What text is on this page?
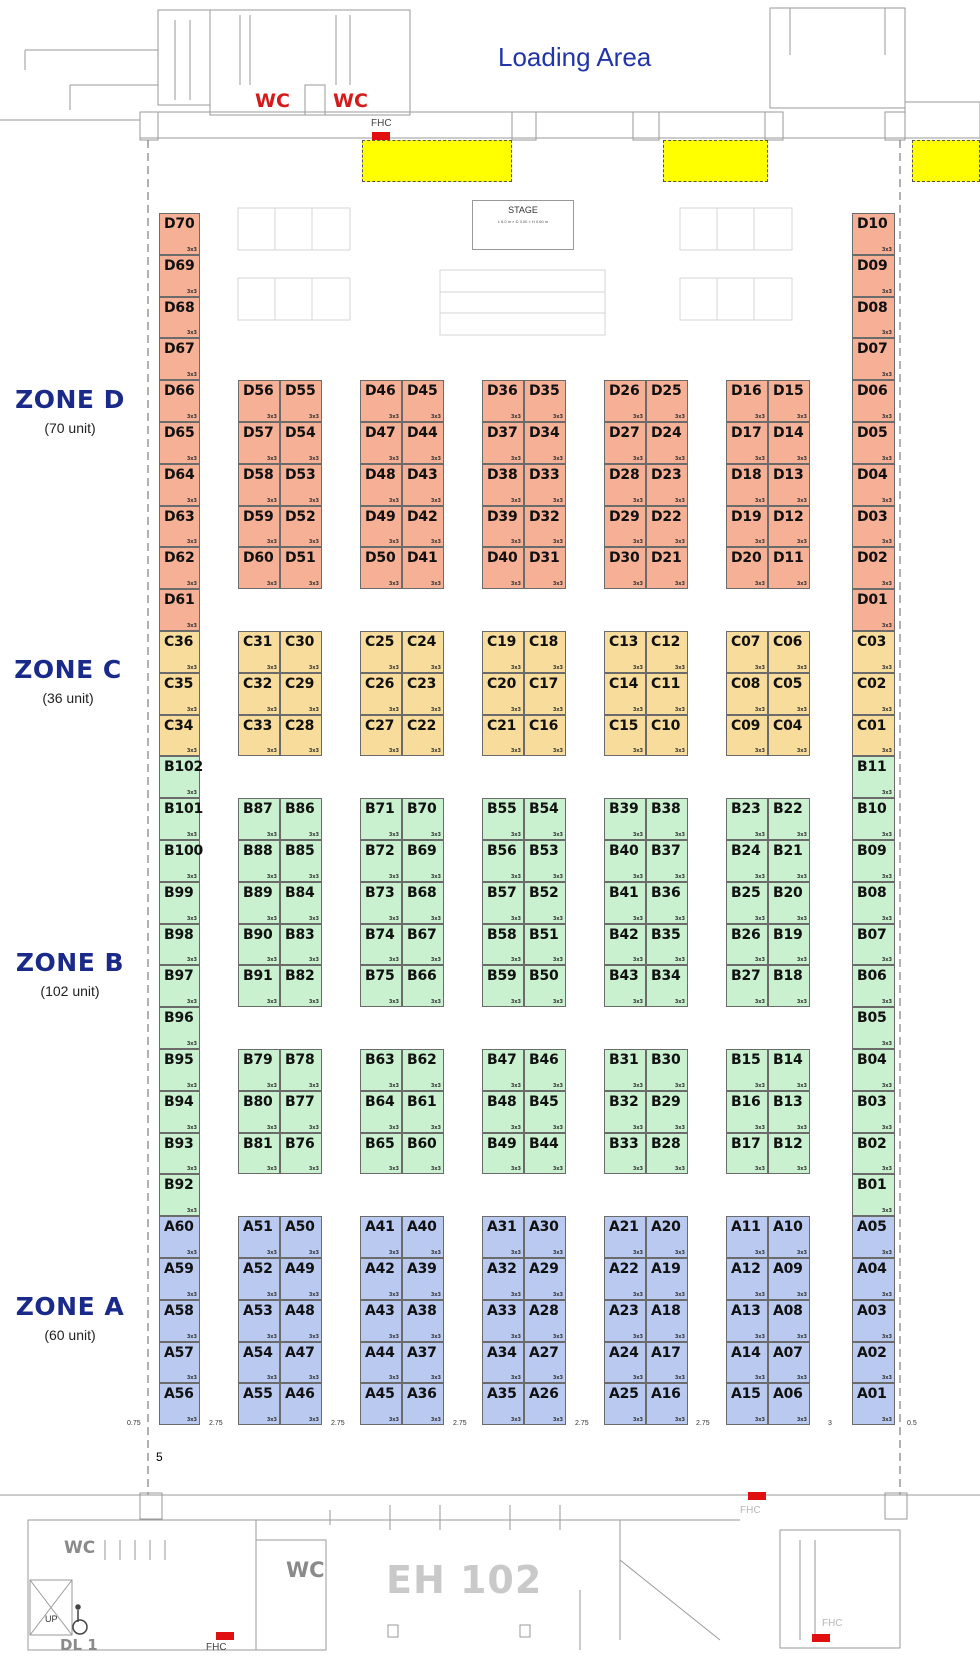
Loading Area
WC WC
FHC
STAGE
L 6.0 m × D 3.00 × H 0.60 m
ZONE D
(70 unit)
ZONE C
(36 unit)
ZONE B
(102 unit)
ZONE A
(60 unit)
0.75	2.75	2.75	2.75	2.75	2.75	3	0.5
5
EH 102
WC
WC
DL 1
UP
FHC
FHC
FHC
D70
3x3
D69
3x3
D68
3x3
D67
3x3
D66
3x3
D65
3x3
D64
3x3
D63
3x3
D62
3x3
D61
3x3
C36
3x3
C35
3x3
C34
3x3
B102
3x3
B101
3x3
B100
3x3
B99
3x3
B98
3x3
B97
3x3
B96
3x3
B95
3x3
B94
3x3
B93
3x3
B92
3x3
A60
3x3
A59
3x3
A58
3x3
A57
3x3
A56
3x3
D10
3x3
D09
3x3
D08
3x3
D07
3x3
D06
3x3
D05
3x3
D04
3x3
D03
3x3
D02
3x3
D01
3x3
C03
3x3
C02
3x3
C01
3x3
B11
3x3
B10
3x3
B09
3x3
B08
3x3
B07
3x3
B06
3x3
B05
3x3
B04
3x3
B03
3x3
B02
3x3
B01
3x3
A05
3x3
A04
3x3
A03
3x3
A02
3x3
A01
3x3
D56
3x3
D55
3x3
D46
3x3
D45
3x3
D36
3x3
D35
3x3
D26
3x3
D25
3x3
D16
3x3
D15
3x3
D57
3x3
D54
3x3
D47
3x3
D44
3x3
D37
3x3
D34
3x3
D27
3x3
D24
3x3
D17
3x3
D14
3x3
D58
3x3
D53
3x3
D48
3x3
D43
3x3
D38
3x3
D33
3x3
D28
3x3
D23
3x3
D18
3x3
D13
3x3
D59
3x3
D52
3x3
D49
3x3
D42
3x3
D39
3x3
D32
3x3
D29
3x3
D22
3x3
D19
3x3
D12
3x3
D60
3x3
D51
3x3
D50
3x3
D41
3x3
D40
3x3
D31
3x3
D30
3x3
D21
3x3
D20
3x3
D11
3x3
C31
3x3
C30
3x3
C25
3x3
C24
3x3
C19
3x3
C18
3x3
C13
3x3
C12
3x3
C07
3x3
C06
3x3
C32
3x3
C29
3x3
C26
3x3
C23
3x3
C20
3x3
C17
3x3
C14
3x3
C11
3x3
C08
3x3
C05
3x3
C33
3x3
C28
3x3
C27
3x3
C22
3x3
C21
3x3
C16
3x3
C15
3x3
C10
3x3
C09
3x3
C04
3x3
B87
3x3
B86
3x3
B71
3x3
B70
3x3
B55
3x3
B54
3x3
B39
3x3
B38
3x3
B23
3x3
B22
3x3
B88
3x3
B85
3x3
B72
3x3
B69
3x3
B56
3x3
B53
3x3
B40
3x3
B37
3x3
B24
3x3
B21
3x3
B89
3x3
B84
3x3
B73
3x3
B68
3x3
B57
3x3
B52
3x3
B41
3x3
B36
3x3
B25
3x3
B20
3x3
B90
3x3
B83
3x3
B74
3x3
B67
3x3
B58
3x3
B51
3x3
B42
3x3
B35
3x3
B26
3x3
B19
3x3
B91
3x3
B82
3x3
B75
3x3
B66
3x3
B59
3x3
B50
3x3
B43
3x3
B34
3x3
B27
3x3
B18
3x3
B79
3x3
B78
3x3
B63
3x3
B62
3x3
B47
3x3
B46
3x3
B31
3x3
B30
3x3
B15
3x3
B14
3x3
B80
3x3
B77
3x3
B64
3x3
B61
3x3
B48
3x3
B45
3x3
B32
3x3
B29
3x3
B16
3x3
B13
3x3
B81
3x3
B76
3x3
B65
3x3
B60
3x3
B49
3x3
B44
3x3
B33
3x3
B28
3x3
B17
3x3
B12
3x3
A51
3x3
A50
3x3
A41
3x3
A40
3x3
A31
3x3
A30
3x3
A21
3x3
A20
3x3
A11
3x3
A10
3x3
A52
3x3
A49
3x3
A42
3x3
A39
3x3
A32
3x3
A29
3x3
A22
3x3
A19
3x3
A12
3x3
A09
3x3
A53
3x3
A48
3x3
A43
3x3
A38
3x3
A33
3x3
A28
3x3
A23
3x3
A18
3x3
A13
3x3
A08
3x3
A54
3x3
A47
3x3
A44
3x3
A37
3x3
A34
3x3
A27
3x3
A24
3x3
A17
3x3
A14
3x3
A07
3x3
A55
3x3
A46
3x3
A45
3x3
A36
3x3
A35
3x3
A26
3x3
A25
3x3
A16
3x3
A15
3x3
A06
3x3
